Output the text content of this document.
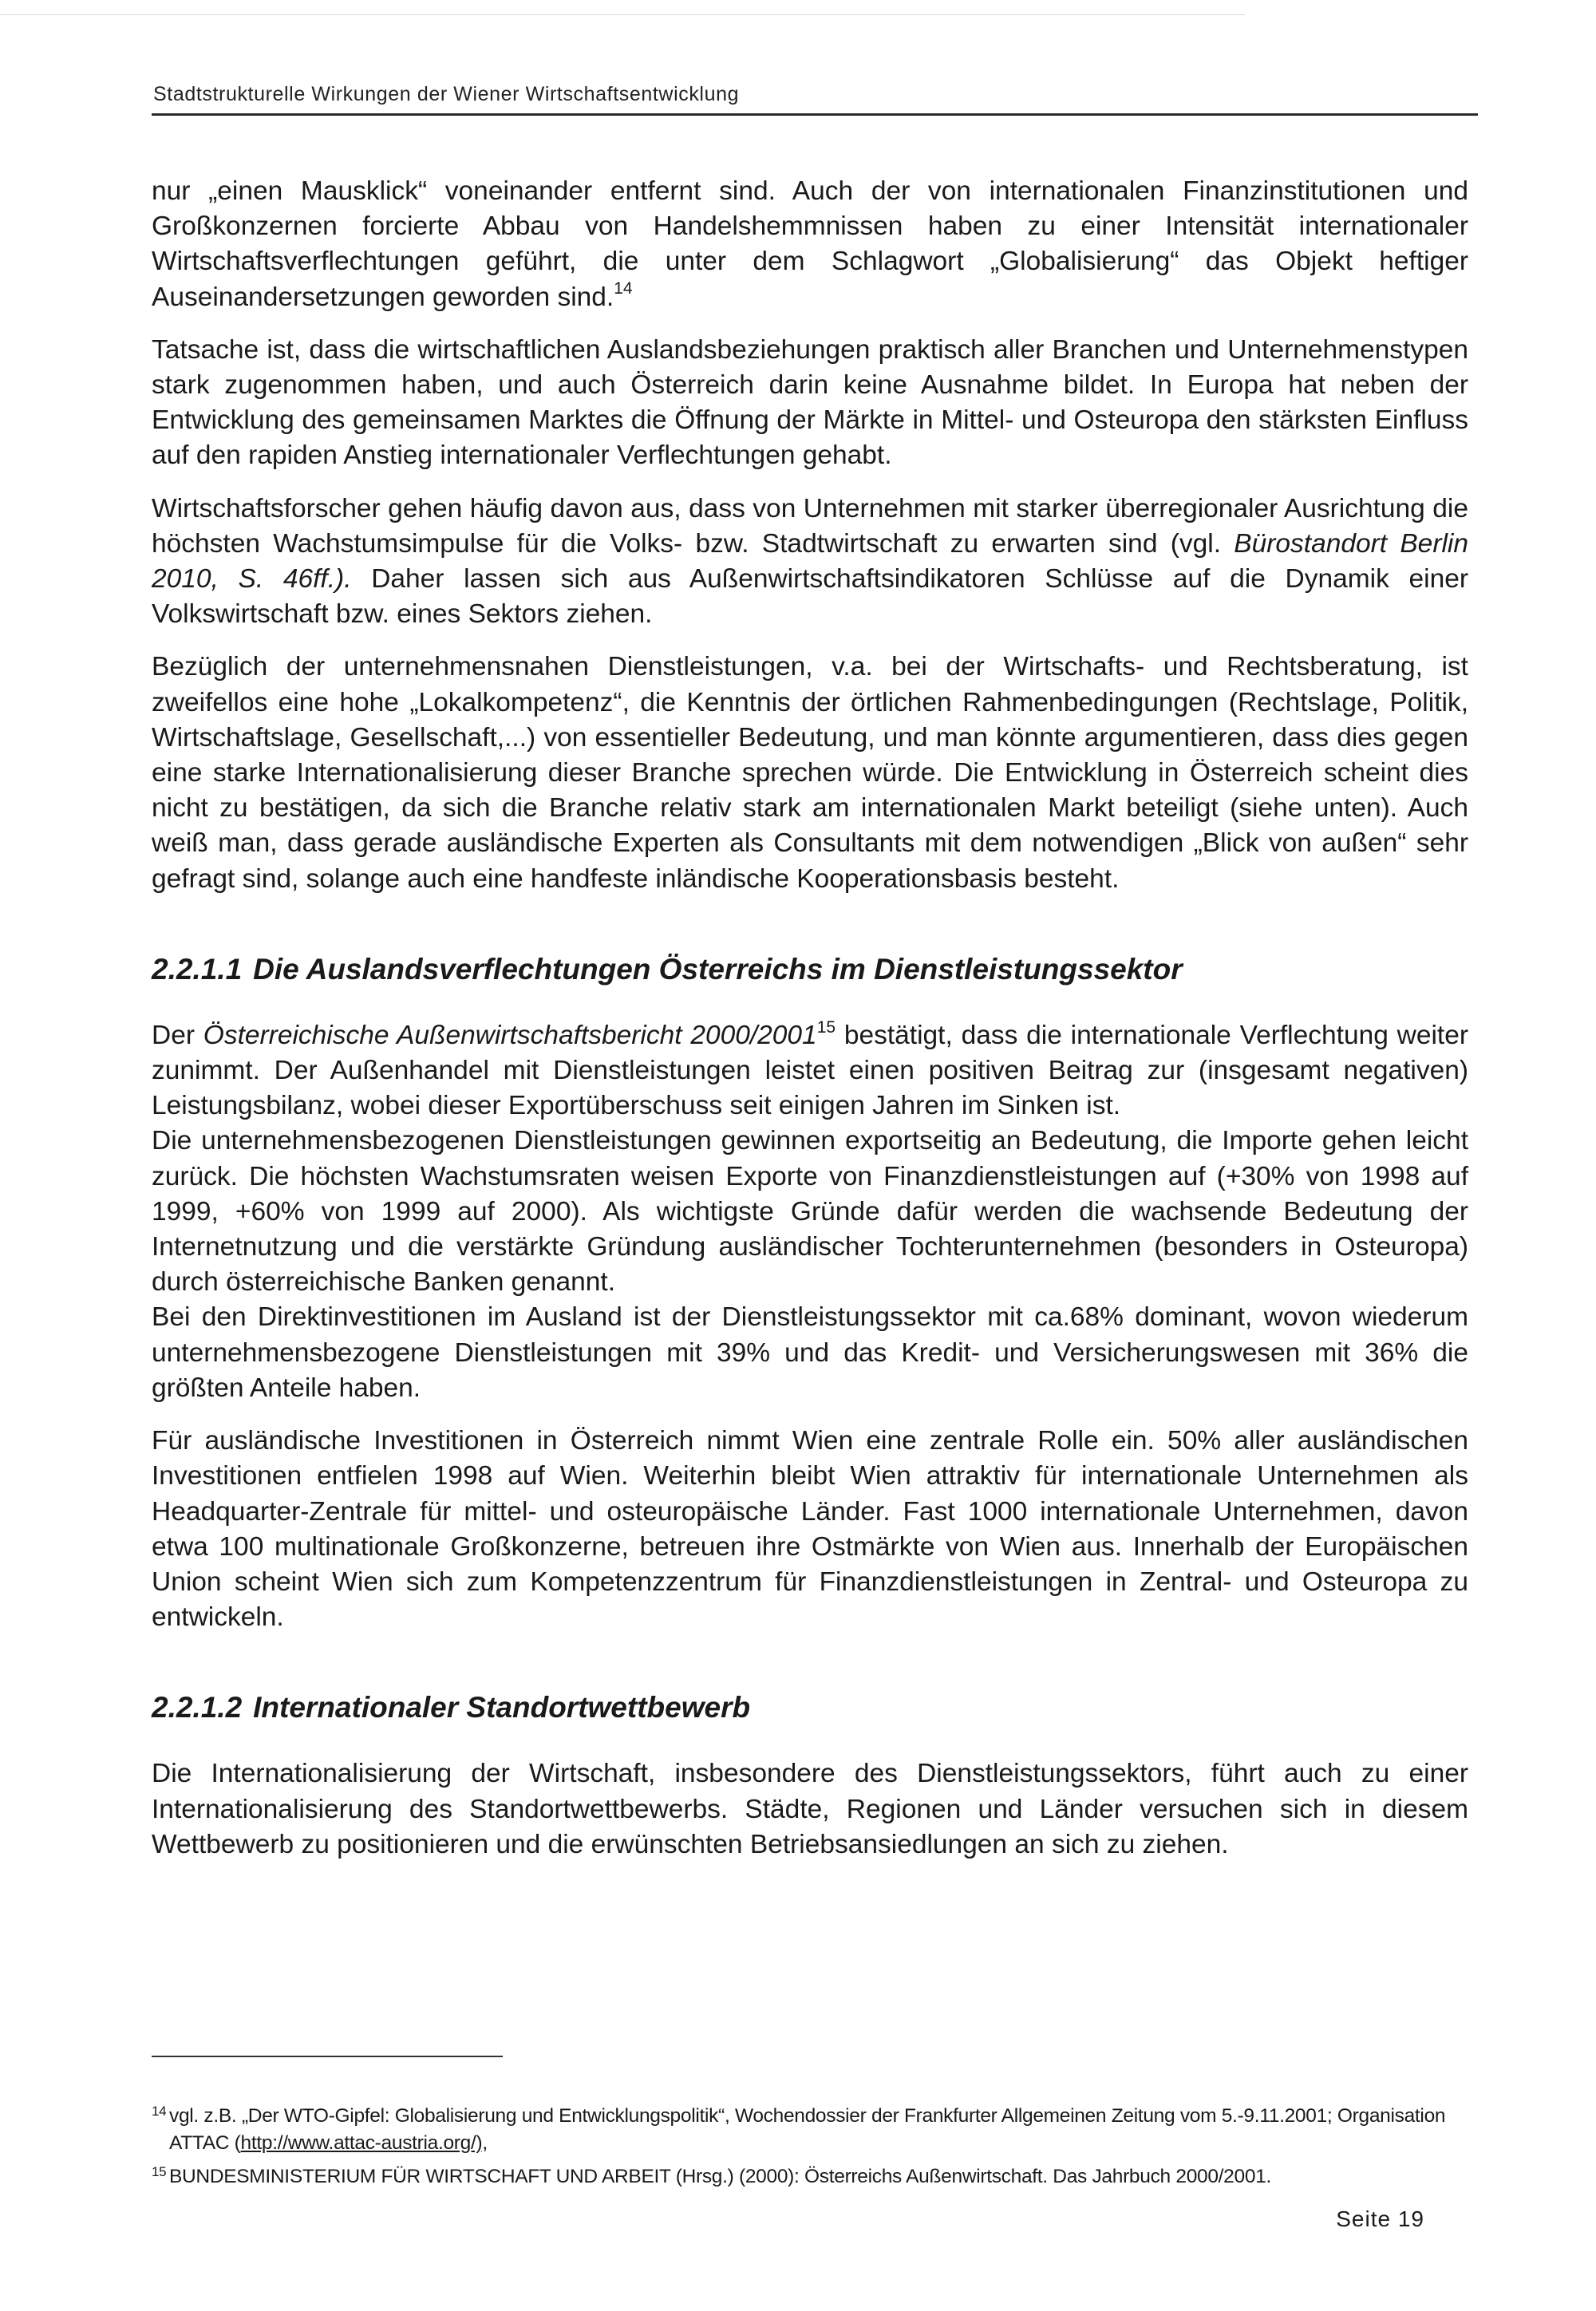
Stadtstrukturelle Wirkungen der Wiener Wirtschaftsentwicklung

nur „einen Mausklick“ voneinander entfernt sind. Auch der von internationalen Finanzinstitutionen und Großkonzernen forcierte Abbau von Handelshemmnissen haben zu einer Intensität internationaler Wirtschaftsverflechtungen geführt, die unter dem Schlagwort „Globalisierung“ das Objekt heftiger Auseinandersetzungen geworden sind.$^{14}$

Tatsache ist, dass die wirtschaftlichen Auslandsbeziehungen praktisch aller Branchen und Unternehmenstypen stark zugenommen haben, und auch Österreich darin keine Ausnahme bildet. In Europa hat neben der Entwicklung des gemeinsamen Marktes die Öffnung der Märkte in Mittel- und Osteuropa den stärksten Einfluss auf den rapiden Anstieg internationaler Verflechtungen gehabt.

Wirtschaftsforscher gehen häufig davon aus, dass von Unternehmen mit starker überregionaler Ausrichtung die höchsten Wachstumsimpulse für die Volks- bzw. Stadtwirtschaft zu erwarten sind (vgl. Bürostandort Berlin 2010, S. 46ff.). Daher lassen sich aus Außenwirtschaftsindikatoren Schlüsse auf die Dynamik einer Volkswirtschaft bzw. eines Sektors ziehen.

Bezüglich der unternehmensnahen Dienstleistungen, v.a. bei der Wirtschafts- und Rechtsberatung, ist zweifellos eine hohe „Lokalkompetenz“, die Kenntnis der örtlichen Rahmenbedingungen (Rechtslage, Politik, Wirtschaftslage, Gesellschaft,...) von essentieller Bedeutung, und man könnte argumentieren, dass dies gegen eine starke Internationalisierung dieser Branche sprechen würde. Die Entwicklung in Österreich scheint dies nicht zu bestätigen, da sich die Branche relativ stark am internationalen Markt beteiligt (siehe unten). Auch weiß man, dass gerade ausländische Experten als Consultants mit dem notwendigen „Blick von außen“ sehr gefragt sind, solange auch eine handfeste inländische Kooperationsbasis besteht.

2.2.1.1 Die Auslandsverflechtungen Österreichs im Dienstleistungssektor

Der Österreichische Außenwirtschaftsbericht 2000/2001$^{15}$ bestätigt, dass die internationale Verflechtung weiter zunimmt. Der Außenhandel mit Dienstleistungen leistet einen positiven Beitrag zur (insgesamt negativen) Leistungsbilanz, wobei dieser Exportüberschuss seit einigen Jahren im Sinken ist.

Die unternehmensbezogenen Dienstleistungen gewinnen exportseitig an Bedeutung, die Importe gehen leicht zurück. Die höchsten Wachstumsraten weisen Exporte von Finanzdienstleistungen auf (+30% von 1998 auf 1999, +60% von 1999 auf 2000). Als wichtigste Gründe dafür werden die wachsende Bedeutung der Internetnutzung und die verstärkte Gründung ausländischer Tochterunternehmen (besonders in Osteuropa) durch österreichische Banken genannt.

Bei den Direktinvestitionen im Ausland ist der Dienstleistungssektor mit ca.68% dominant, wovon wiederum unternehmensbezogene Dienstleistungen mit 39% und das Kredit- und Versicherungswesen mit 36% die größten Anteile haben.

Für ausländische Investitionen in Österreich nimmt Wien eine zentrale Rolle ein. 50% aller ausländischen Investitionen entfielen 1998 auf Wien. Weiterhin bleibt Wien attraktiv für internationale Unternehmen als Headquarter-Zentrale für mittel- und osteuropäische Länder. Fast 1000 internationale Unternehmen, davon etwa 100 multinationale Großkonzerne, betreuen ihre Ostmärkte von Wien aus. Innerhalb der Europäischen Union scheint Wien sich zum Kompetenzzentrum für Finanzdienstleistungen in Zentral- und Osteuropa zu entwickeln.

2.2.1.2 Internationaler Standortwettbewerb

Die Internationalisierung der Wirtschaft, insbesondere des Dienstleistungssektors, führt auch zu einer Internationalisierung des Standortwettbewerbs. Städte, Regionen und Länder versuchen sich in diesem Wettbewerb zu positionieren und die erwünschten Betriebsansiedlungen an sich zu ziehen.

14 vgl. z.B. „Der WTO-Gipfel: Globalisierung und Entwicklungspolitik“, Wochendossier der Frankfurter Allgemeinen Zeitung vom 5.-9.11.2001; Organisation ATTAC (http://www.attac-austria.org/),
15 BUNDESMINISTERIUM FÜR WIRTSCHAFT UND ARBEIT (Hrsg.) (2000): Österreichs Außenwirtschaft. Das Jahrbuch 2000/2001.
Seite 19
